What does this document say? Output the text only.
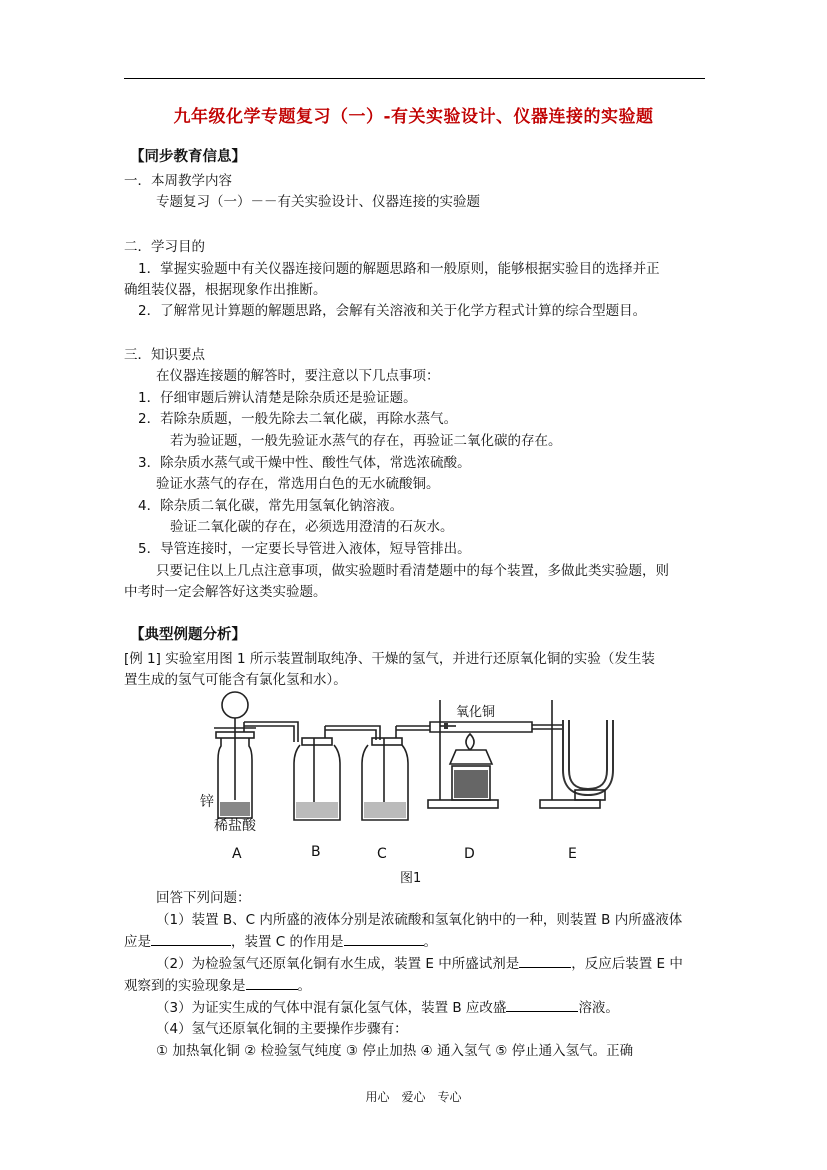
九年级化学专题复习（一）-有关实验设计、仪器连接的实验题
【同步教育信息】
一．本周教学内容
专题复习（一）－－有关实验设计、仪器连接的实验题
二．学习目的
1．掌握实验题中有关仪器连接问题的解题思路和一般原则，能够根据实验目的选择并正
确组装仪器，根据现象作出推断。
2．了解常见计算题的解题思路，会解有关溶液和关于化学方程式计算的综合型题目。
三．知识要点
在仪器连接题的解答时，要注意以下几点事项：
1．仔细审题后辨认清楚是除杂质还是验证题。
2．若除杂质题，一般先除去二氧化碳，再除水蒸气。
若为验证题，一般先验证水蒸气的存在，再验证二氧化碳的存在。
3．除杂质水蒸气或干燥中性、酸性气体，常选浓硫酸。
验证水蒸气的存在，常选用白色的无水硫酸铜。
4．除杂质二氧化碳，常先用氢氧化钠溶液。
验证二氧化碳的存在，必须选用澄清的石灰水。
5．导管连接时，一定要长导管进入液体，短导管排出。
只要记住以上几点注意事项，做实验题时看清楚题中的每个装置，多做此类实验题，则
中考时一定会解答好这类实验题。
【典型例题分析】
[例 1] 实验室用图 1 所示装置制取纯净、干燥的氢气，并进行还原氧化铜的实验（发生装
置生成的氢气可能含有氯化氢和水）。
锌
稀盐酸
氧化铜
A	B	C	D	E
图1
回答下列问题：
（1）装置 B、C 内所盛的液体分别是浓硫酸和氢氧化钠中的一种，则装置 B 内所盛液体
应是	，装置 C 的作用是	。
（2）为检验氢气还原氧化铜有水生成，装置 E 中所盛试剂是	，反应后装置 E 中
观察到的实验现象是	。
（3）为证实生成的气体中混有氯化氢气体，装置 B 应改盛	溶液。
（4）氢气还原氧化铜的主要操作步骤有：
① 加热氧化铜 ② 检验氢气纯度 ③ 停止加热 ④ 通入氢气 ⑤ 停止通入氢气。正确
用心　爱心　专心
